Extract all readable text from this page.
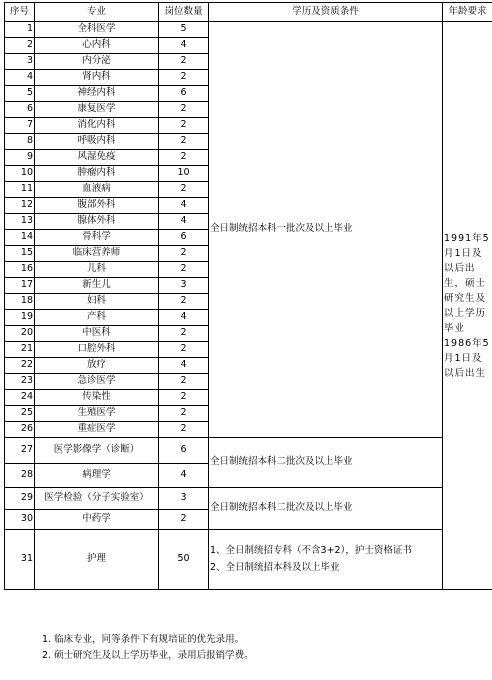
序号	专业	岗位数量	学历及资质条件	年龄要求
1	全科医学	5	全日制统招本科一批次及以上毕业	1991年5月1日及以后出生，硕士研究生及以上学历毕业1986年5月1日及以后出生
2	心内科	4		
3	内分泌	2		
4	肾内科	2		
5	神经内科	6		
6	康复医学	2		
7	消化内科	2		
8	呼吸内科	2		
9	风湿免疫	2		
10	肿瘤内科	10		
11	血液病	2		
12	腹部外科	4		
13	腺体外科	4		
14	骨科学	6		
15	临床营养师	2		
16	儿科	2		
17	新生儿	3		
18	妇科	2		
19	产科	4		
20	中医科	2		
21	口腔外科	2		
22	放疗	4		
23	急诊医学	2		
24	传染性	2		
25	生殖医学	2		
26	重症医学	2		
27	医学影像学（诊断）	6	全日制统招本科二批次及以上毕业	
28	病理学	4		
29	医学检验（分子实验室）	3	全日制统招本科二批次及以上毕业	
30	中药学	2		
31	护理	50	1、全日制统招专科（不含3+2），护士资格证书
2、全日制统招本科及以上毕业	
1. 临床专业，同等条件下有规培证的优先录用。
2. 硕士研究生及以上学历毕业，录用后报销学费。
